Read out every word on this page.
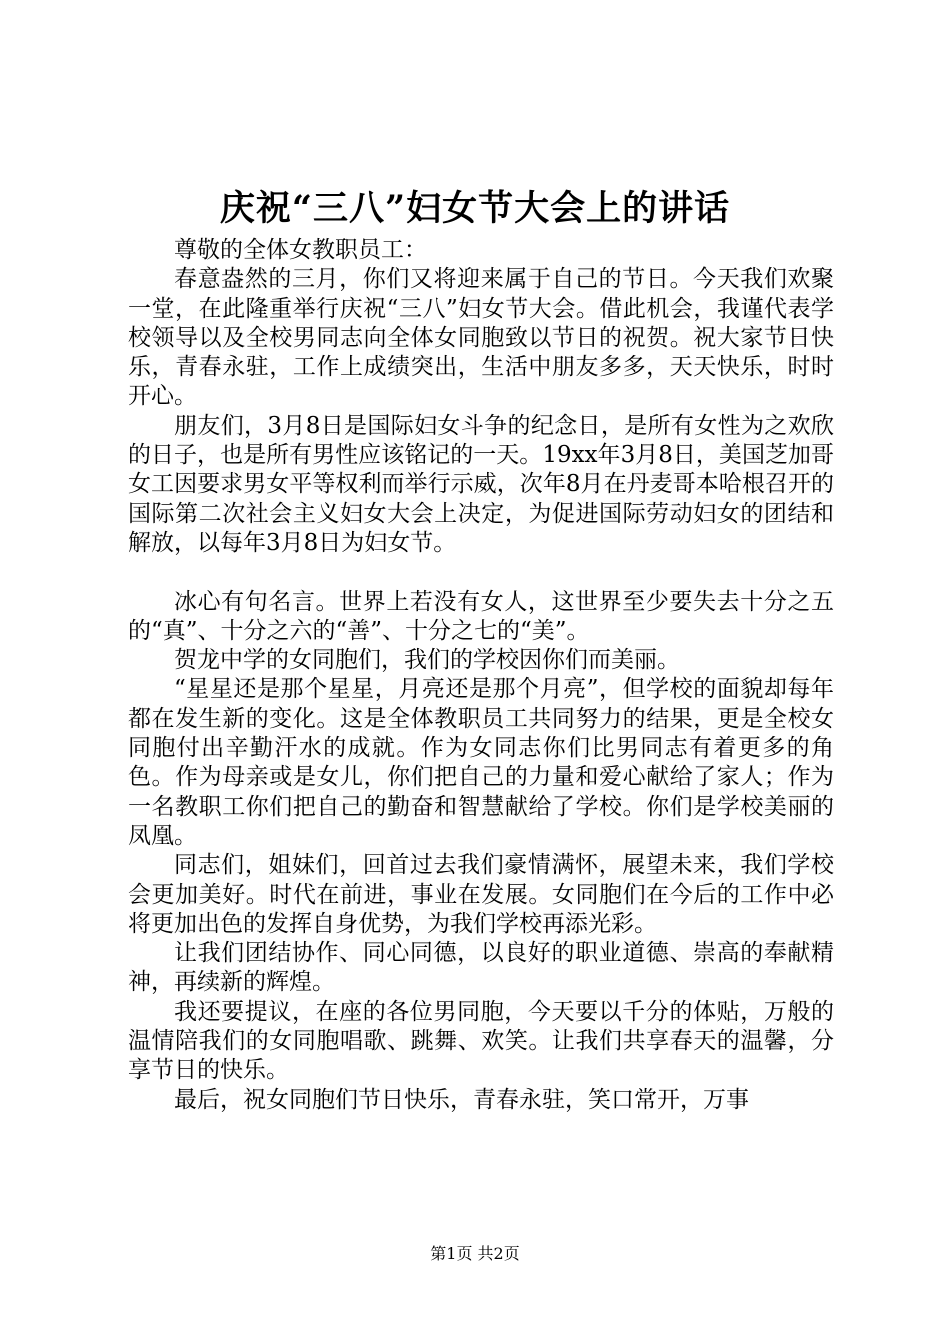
庆祝“三八”妇女节大会上的讲话

尊敬的全体女教职员工：

春意盎然的三月，你们又将迎来属于自己的节日。今天我们欢聚一堂，在此隆重举行庆祝“三八”妇女节大会。借此机会，我谨代表学校领导以及全校男同志向全体女同胞致以节日的祝贺。祝大家节日快乐，青春永驻，工作上成绩突出，生活中朋友多多，天天快乐，时时开心。

朋友们，3月8日是国际妇女斗争的纪念日，是所有女性为之欢欣的日子，也是所有男性应该铭记的一天。19xx年3月8日，美国芝加哥女工因要求男女平等权利而举行示威，次年8月在丹麦哥本哈根召开的国际第二次社会主义妇女大会上决定，为促进国际劳动妇女的团结和解放，以每年3月8日为妇女节。

冰心有句名言。世界上若没有女人，这世界至少要失去十分之五的“真”、十分之六的“善”、十分之七的“美”。

贺龙中学的女同胞们，我们的学校因你们而美丽。

“星星还是那个星星，月亮还是那个月亮”，但学校的面貌却每年都在发生新的变化。这是全体教职员工共同努力的结果，更是全校女同胞付出辛勤汗水的成就。作为女同志你们比男同志有着更多的角色。作为母亲或是女儿，你们把自己的力量和爱心献给了家人；作为一名教职工你们把自己的勤奋和智慧献给了学校。你们是学校美丽的凤凰。

同志们，姐妹们，回首过去我们豪情满怀，展望未来，我们学校会更加美好。时代在前进，事业在发展。女同胞们在今后的工作中必将更加出色的发挥自身优势，为我们学校再添光彩。

让我们团结协作、同心同德，以良好的职业道德、崇高的奉献精神，再续新的辉煌。

我还要提议，在座的各位男同胞，今天要以千分的体贴，万般的温情陪我们的女同胞唱歌、跳舞、欢笑。让我们共享春天的温馨，分享节日的快乐。

最后，祝女同胞们节日快乐，青春永驻，笑口常开，万事

第1页 共2页
